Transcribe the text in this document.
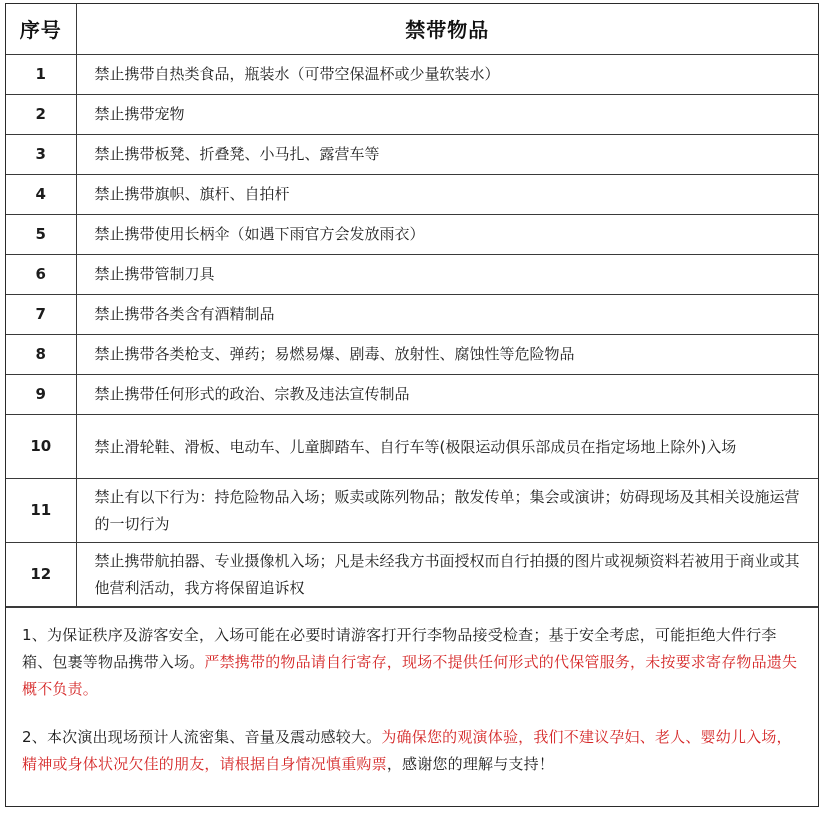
序号	禁带物品
1	禁止携带自热类食品，瓶装水（可带空保温杯或少量软装水）
2	禁止携带宠物
3	禁止携带板凳、折叠凳、小马扎、露营车等
4	禁止携带旗帜、旗杆、自拍杆
5	禁止携带使用长柄伞（如遇下雨官方会发放雨衣）
6	禁止携带管制刀具
7	禁止携带各类含有酒精制品
8	禁止携带各类枪支、弹药；易燃易爆、剧毒、放射性、腐蚀性等危险物品
9	禁止携带任何形式的政治、宗教及违法宣传制品
10	禁止滑轮鞋、滑板、电动车、儿童脚踏车、自行车等(极限运动俱乐部成员在指定场地上除外)入场
11	禁止有以下行为：持危险物品入场；贩卖或陈列物品；散发传单；集会或演讲；妨碍现场及其相关设施运营的一切行为
12	禁止携带航拍器、专业摄像机入场；凡是未经我方书面授权而自行拍摄的图片或视频资料若被用于商业或其他营利活动，我方将保留追诉权

1、为保证秩序及游客安全，入场可能在必要时请游客打开行李物品接受检查；基于安全考虑，可能拒绝大件行李箱、包裹等物品携带入场。严禁携带的物品请自行寄存，现场不提供任何形式的代保管服务，未按要求寄存物品遗失概不负责。

2、本次演出现场预计人流密集、音量及震动感较大。为确保您的观演体验，我们不建议孕妇、老人、婴幼儿入场，精神或身体状况欠佳的朋友，请根据自身情况慎重购票，感谢您的理解与支持！
